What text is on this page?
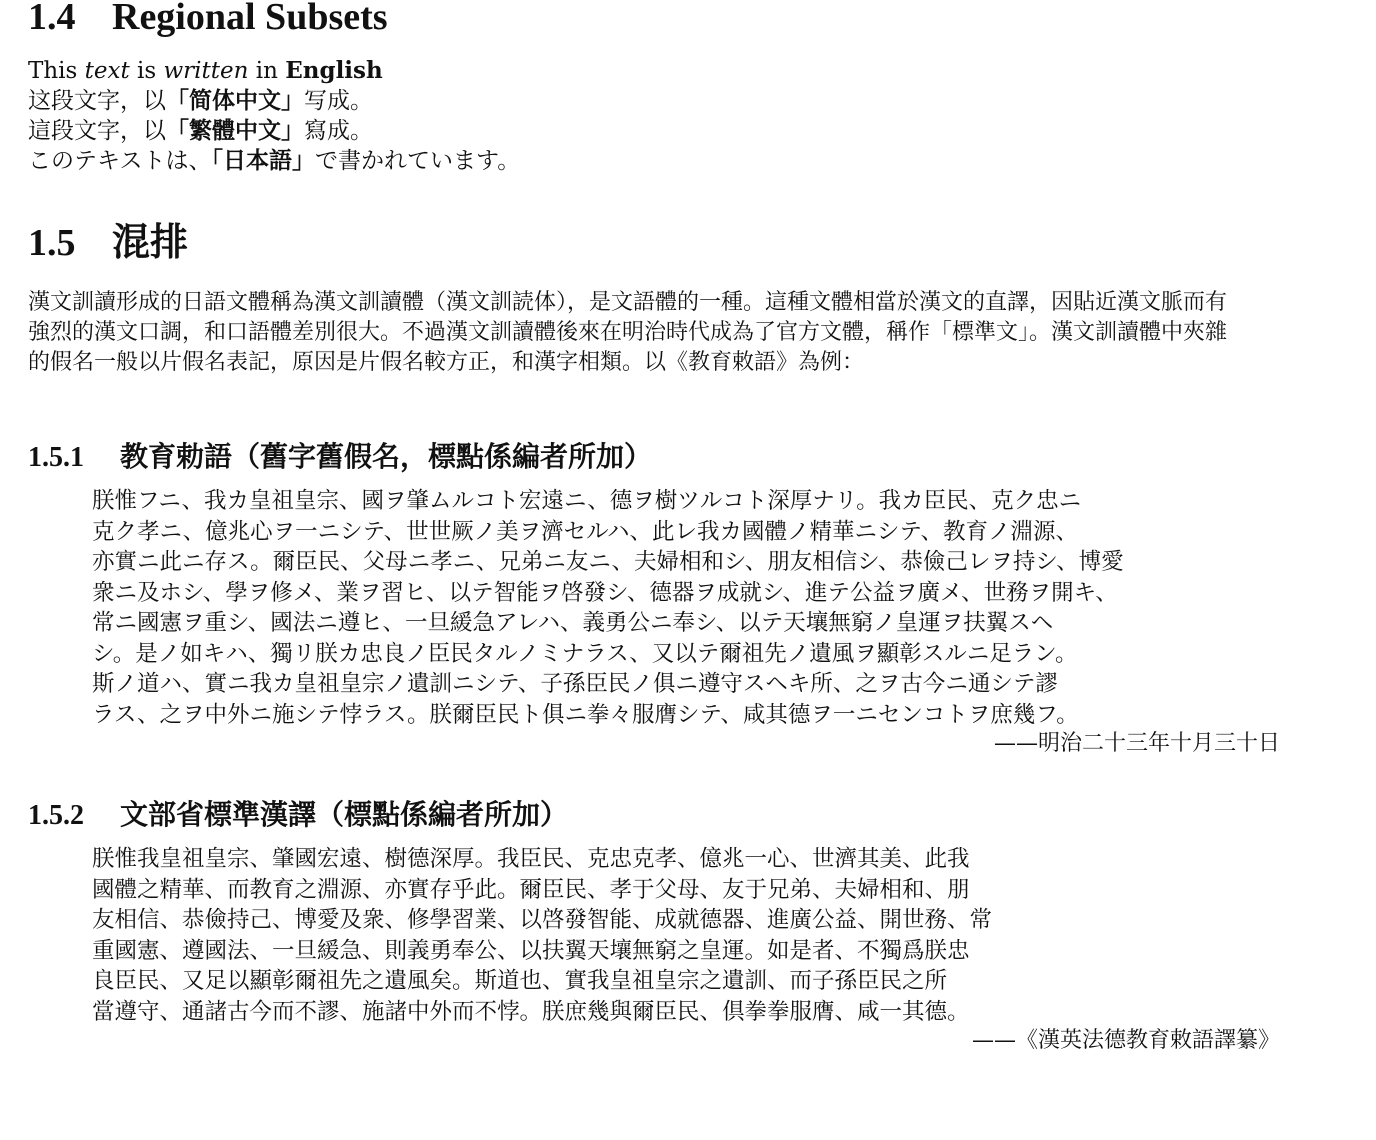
1.4 Regional Subsets
This text is written in English
这段文字，以「简体中文」写成。
這段文字，以「繁體中文」寫成。
このテキストは、「日本語」で書かれています。
1.5 混排

漢文訓讀形成的日語文體稱為漢文訓讀體（漢文訓読体），是文語體的一種。這種文體相當於漢文的直譯，因貼近漢文脈而有強烈的漢文口調，和口語體差別很大。不過漢文訓讀體後來在明治時代成為了官方文體，稱作「標準文」。漢文訓讀體中夾雜的假名一般以片假名表記，原因是片假名較方正，和漢字相類。以《教育敕語》為例：

1.5.1 教育勅語（舊字舊假名，標點係編者所加）
朕惟フニ、我カ皇祖皇宗、國ヲ肇ムルコト宏遠ニ、德ヲ樹ツルコト深厚ナリ。我カ臣民、克ク忠ニ
克ク孝ニ、億兆心ヲ一ニシテ、世世厥ノ美ヲ濟セルハ、此レ我カ國體ノ精華ニシテ、教育ノ淵源、
亦實ニ此ニ存ス。爾臣民、父母ニ孝ニ、兄弟ニ友ニ、夫婦相和シ、朋友相信シ、恭儉己レヲ持シ、博愛
衆ニ及ホシ、學ヲ修メ、業ヲ習ヒ、以テ智能ヲ啓發シ、德器ヲ成就シ、進テ公益ヲ廣メ、世務ヲ開キ、
常ニ國憲ヲ重シ、國法ニ遵ヒ、一旦緩急アレハ、義勇公ニ奉シ、以テ天壤無窮ノ皇運ヲ扶翼スヘ
シ。是ノ如キハ、獨リ朕カ忠良ノ臣民タルノミナラス、又以テ爾祖先ノ遺風ヲ顯彰スルニ足ラン。
斯ノ道ハ、實ニ我カ皇祖皇宗ノ遺訓ニシテ、子孫臣民ノ俱ニ遵守スヘキ所、之ヲ古今ニ通シテ謬
ラス、之ヲ中外ニ施シテ悖ラス。朕爾臣民ト俱ニ拳々服膺シテ、咸其德ヲ一ニセンコトヲ庶幾フ。
——明治二十三年十月三十日
1.5.2 文部省標準漢譯（標點係編者所加）
朕惟我皇祖皇宗、肇國宏遠、樹德深厚。我臣民、克忠克孝、億兆一心、世濟其美、此我
國體之精華、而教育之淵源、亦實存乎此。爾臣民、孝于父母、友于兄弟、夫婦相和、朋
友相信、恭儉持己、博愛及衆、修學習業、以啓發智能、成就德器、進廣公益、開世務、常
重國憲、遵國法、一旦緩急、則義勇奉公、以扶翼天壤無窮之皇運。如是者、不獨爲朕忠
良臣民、又足以顯彰爾祖先之遺風矣。斯道也、實我皇祖皇宗之遺訓、而子孫臣民之所
當遵守、通諸古今而不謬、施諸中外而不悖。朕庶幾與爾臣民、倶拳拳服膺、咸一其德。
——《漢英法德教育敕語譯纂》
